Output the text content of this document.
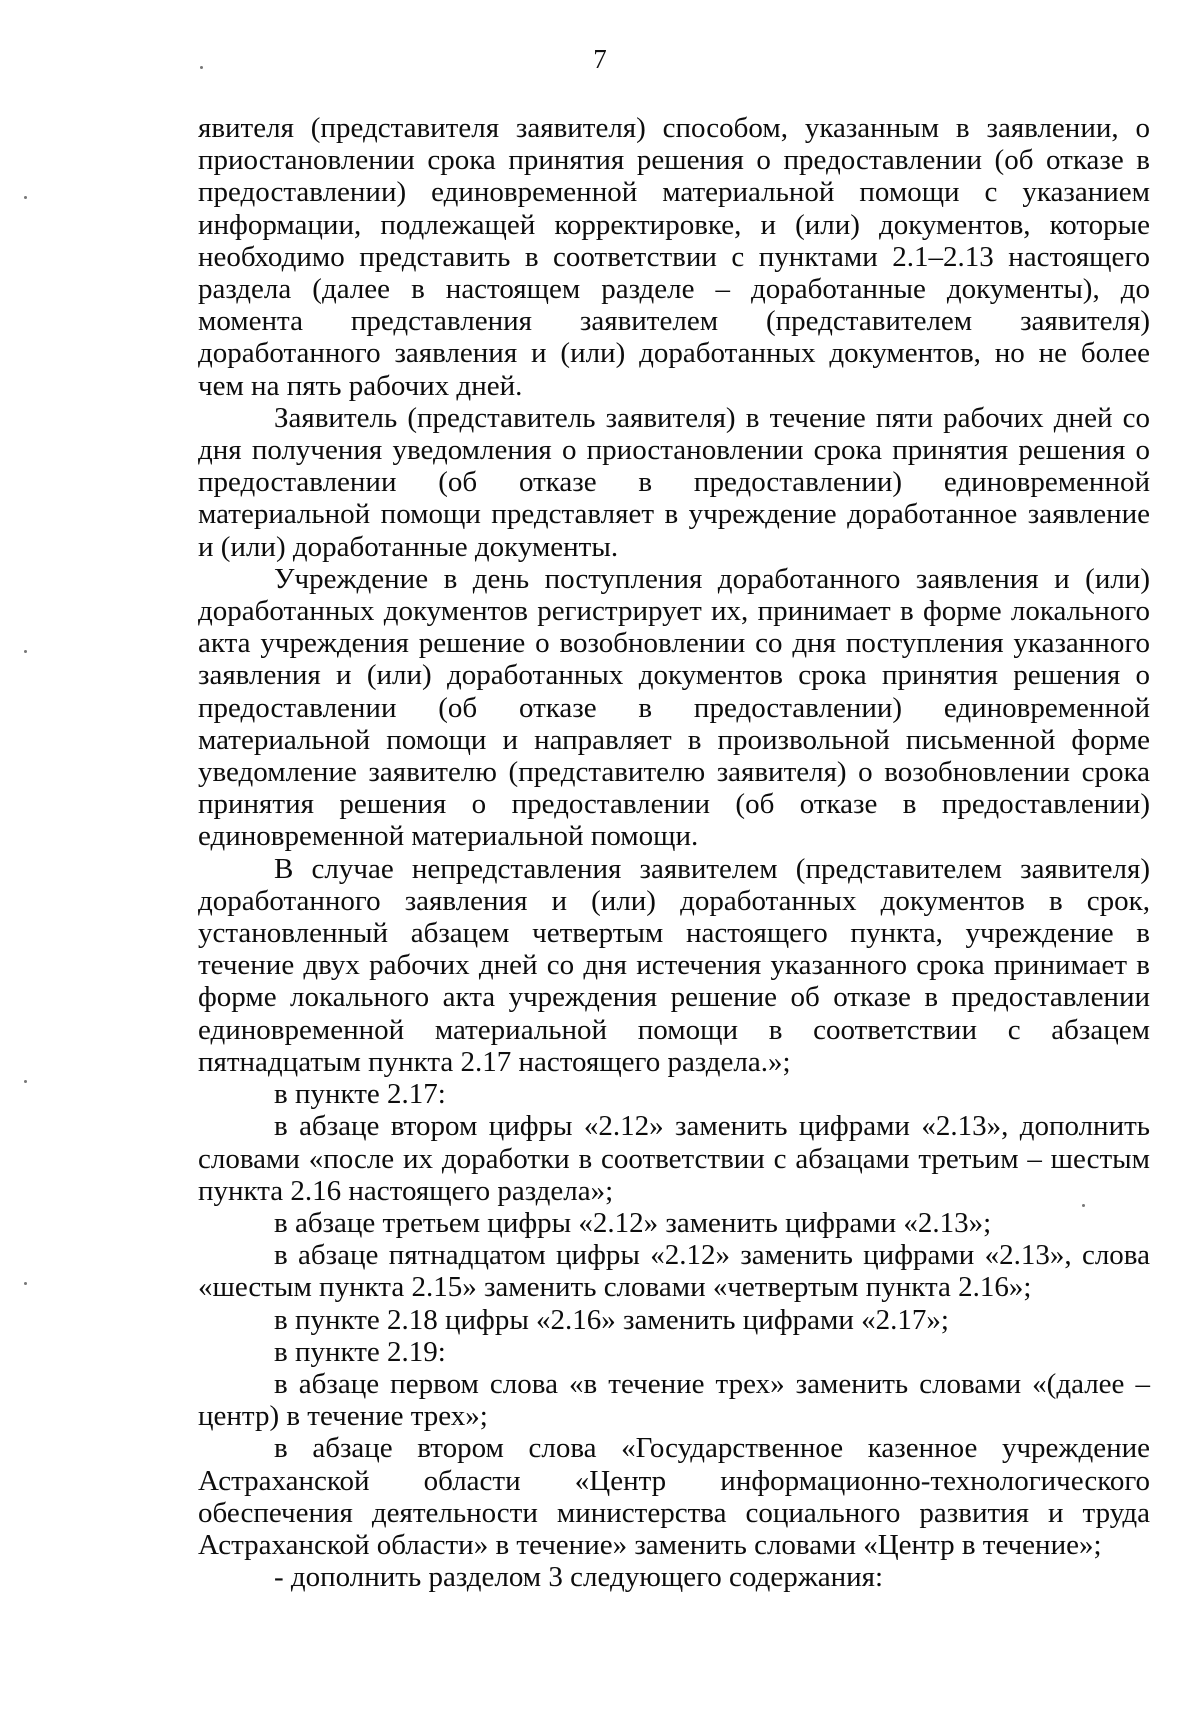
7

явителя (представителя заявителя) способом, указанным в заявлении, о приостановлении срока принятия решения о предоставлении (об отказе в предоставлении) единовременной материальной помощи с указанием информации, подлежащей корректировке, и (или) документов, которые необходимо представить в соответствии с пунктами 2.1–2.13 настоящего раздела (далее в настоящем разделе – доработанные документы), до момента представления заявителем (представителем заявителя) доработанного заявления и (или) доработанных документов, но не более чем на пять рабочих дней.

Заявитель (представитель заявителя) в течение пяти рабочих дней со дня получения уведомления о приостановлении срока принятия решения о предоставлении (об отказе в предоставлении) единовременной материальной помощи представляет в учреждение доработанное заявление и (или) доработанные документы.

Учреждение в день поступления доработанного заявления и (или) доработанных документов регистрирует их, принимает в форме локального акта учреждения решение о возобновлении со дня поступления указанного заявления и (или) доработанных документов срока принятия решения о предоставлении (об отказе в предоставлении) единовременной материальной помощи и направляет в произвольной письменной форме уведомление заявителю (представителю заявителя) о возобновлении срока принятия решения о предоставлении (об отказе в предоставлении) единовременной материальной помощи.

В случае непредставления заявителем (представителем заявителя) доработанного заявления и (или) доработанных документов в срок, установленный абзацем четвертым настоящего пункта, учреждение в течение двух рабочих дней со дня истечения указанного срока принимает в форме локального акта учреждения решение об отказе в предоставлении единовременной материальной помощи в соответствии с абзацем пятнадцатым пункта 2.17 настоящего раздела.»;

в пункте 2.17:

в абзаце втором цифры «2.12» заменить цифрами «2.13», дополнить словами «после их доработки в соответствии с абзацами третьим – шестым пункта 2.16 настоящего раздела»;

в абзаце третьем цифры «2.12» заменить цифрами «2.13»;

в абзаце пятнадцатом цифры «2.12» заменить цифрами «2.13», слова «шестым пункта 2.15» заменить словами «четвертым пункта 2.16»;

в пункте 2.18 цифры «2.16» заменить цифрами «2.17»;

в пункте 2.19:

в абзаце первом слова «в течение трех» заменить словами «(далее – центр) в течение трех»;

в абзаце втором слова «Государственное казенное учреждение Астраханской области «Центр информационно-технологического обеспечения деятельности министерства социального развития и труда Астраханской области» в течение» заменить словами «Центр в течение»;

- дополнить разделом 3 следующего содержания:
